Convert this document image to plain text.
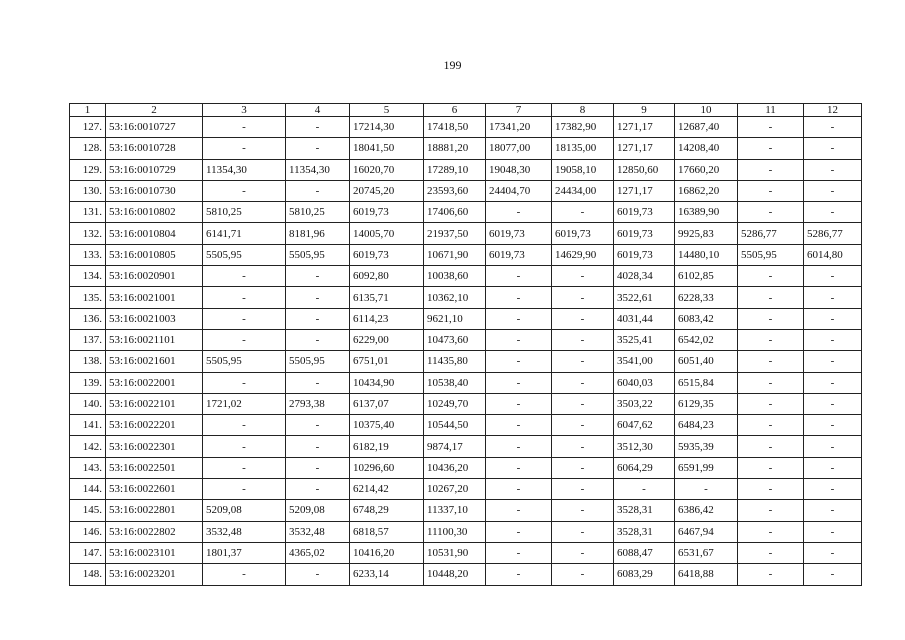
199
1	2	3	4	5	6	7	8	9	10	11	12
127.	53:16:0010727	-	-	17214,30	17418,50	17341,20	17382,90	1271,17	12687,40	-	-
128.	53:16:0010728	-	-	18041,50	18881,20	18077,00	18135,00	1271,17	14208,40	-	-
129.	53:16:0010729	11354,30	11354,30	16020,70	17289,10	19048,30	19058,10	12850,60	17660,20	-	-
130.	53:16:0010730	-	-	20745,20	23593,60	24404,70	24434,00	1271,17	16862,20	-	-
131.	53:16:0010802	5810,25	5810,25	6019,73	17406,60	-	-	6019,73	16389,90	-	-
132.	53:16:0010804	6141,71	8181,96	14005,70	21937,50	6019,73	6019,73	6019,73	9925,83	5286,77	5286,77
133.	53:16:0010805	5505,95	5505,95	6019,73	10671,90	6019,73	14629,90	6019,73	14480,10	5505,95	6014,80
134.	53:16:0020901	-	-	6092,80	10038,60	-	-	4028,34	6102,85	-	-
135.	53:16:0021001	-	-	6135,71	10362,10	-	-	3522,61	6228,33	-	-
136.	53:16:0021003	-	-	6114,23	9621,10	-	-	4031,44	6083,42	-	-
137.	53:16:0021101	-	-	6229,00	10473,60	-	-	3525,41	6542,02	-	-
138.	53:16:0021601	5505,95	5505,95	6751,01	11435,80	-	-	3541,00	6051,40	-	-
139.	53:16:0022001	-	-	10434,90	10538,40	-	-	6040,03	6515,84	-	-
140.	53:16:0022101	1721,02	2793,38	6137,07	10249,70	-	-	3503,22	6129,35	-	-
141.	53:16:0022201	-	-	10375,40	10544,50	-	-	6047,62	6484,23	-	-
142.	53:16:0022301	-	-	6182,19	9874,17	-	-	3512,30	5935,39	-	-
143.	53:16:0022501	-	-	10296,60	10436,20	-	-	6064,29	6591,99	-	-
144.	53:16:0022601	-	-	6214,42	10267,20	-	-	-	-	-	-
145.	53:16:0022801	5209,08	5209,08	6748,29	11337,10	-	-	3528,31	6386,42	-	-
146.	53:16:0022802	3532,48	3532,48	6818,57	11100,30	-	-	3528,31	6467,94	-	-
147.	53:16:0023101	1801,37	4365,02	10416,20	10531,90	-	-	6088,47	6531,67	-	-
148.	53:16:0023201	-	-	6233,14	10448,20	-	-	6083,29	6418,88	-	-
